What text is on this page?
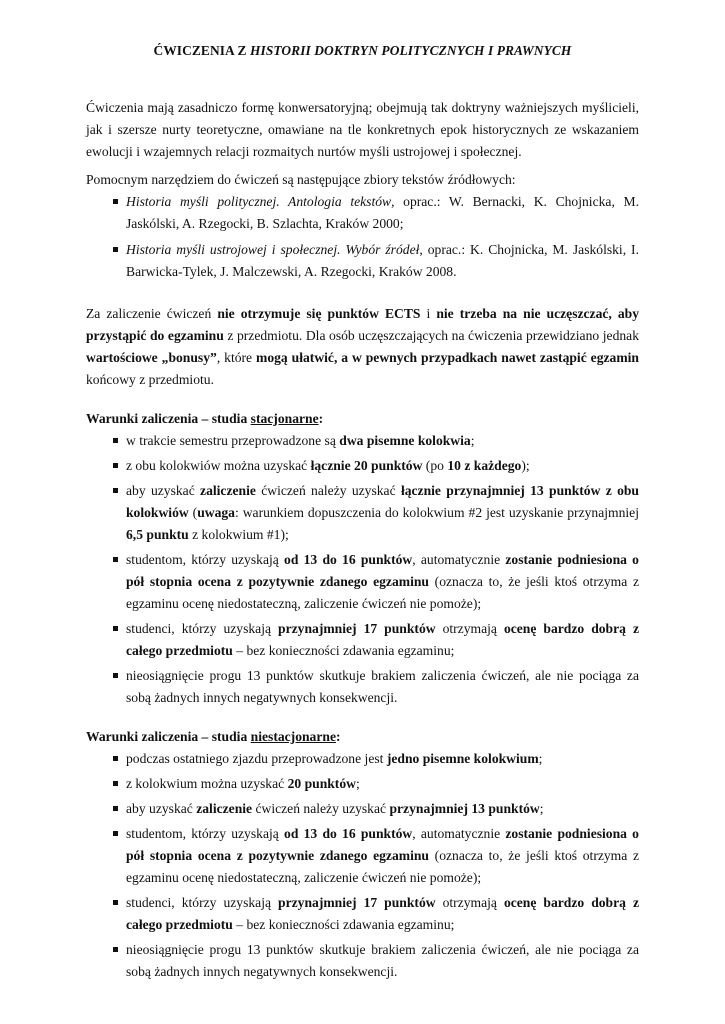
ĆWICZENIA Z HISTORII DOKTRYN POLITYCZNYCH I PRAWNYCH

Ćwiczenia mają zasadniczo formę konwersatoryjną; obejmują tak doktryny ważniejszych myślicieli, jak i szersze nurty teoretyczne, omawiane na tle konkretnych epok historycznych ze wskazaniem ewolucji i wzajemnych relacji rozmaitych nurtów myśli ustrojowej i społecznej.

Pomocnym narzędziem do ćwiczeń są następujące zbiory tekstów źródłowych:

Historia myśli politycznej. Antologia tekstów, oprac.: W. Bernacki, K. Chojnicka, M. Jaskólski, A. Rzegocki, B. Szlachta, Kraków 2000;
Historia myśli ustrojowej i społecznej. Wybór źródeł, oprac.: K. Chojnicka, M. Jaskólski, I. Barwicka-Tylek, J. Malczewski, A. Rzegocki, Kraków 2008.

Za zaliczenie ćwiczeń nie otrzymuje się punktów ECTS i nie trzeba na nie uczęszczać, aby przystąpić do egzaminu z przedmiotu. Dla osób uczęszczających na ćwiczenia przewidziano jednak wartościowe „bonusy”, które mogą ułatwić, a w pewnych przypadkach nawet zastąpić egzamin końcowy z przedmiotu.

Warunki zaliczenia – studia stacjonarne:
w trakcie semestru przeprowadzone są dwa pisemne kolokwia;
z obu kolokwiów można uzyskać łącznie 20 punktów (po 10 z każdego);
aby uzyskać zaliczenie ćwiczeń należy uzyskać łącznie przynajmniej 13 punktów z obu kolokwiów (uwaga: warunkiem dopuszczenia do kolokwium #2 jest uzyskanie przynajmniej 6,5 punktu z kolokwium #1);
studentom, którzy uzyskają od 13 do 16 punktów, automatycznie zostanie podniesiona o pół stopnia ocena z pozytywnie zdanego egzaminu (oznacza to, że jeśli ktoś otrzyma z egzaminu ocenę niedostateczną, zaliczenie ćwiczeń nie pomoże);
studenci, którzy uzyskają przynajmniej 17 punktów otrzymają ocenę bardzo dobrą z całego przedmiotu – bez konieczności zdawania egzaminu;
nieosiągnięcie progu 13 punktów skutkuje brakiem zaliczenia ćwiczeń, ale nie pociąga za sobą żadnych innych negatywnych konsekwencji.
Warunki zaliczenia – studia niestacjonarne:
podczas ostatniego zjazdu przeprowadzone jest jedno pisemne kolokwium;
z kolokwium można uzyskać 20 punktów;
aby uzyskać zaliczenie ćwiczeń należy uzyskać przynajmniej 13 punktów;
studentom, którzy uzyskają od 13 do 16 punktów, automatycznie zostanie podniesiona o pół stopnia ocena z pozytywnie zdanego egzaminu (oznacza to, że jeśli ktoś otrzyma z egzaminu ocenę niedostateczną, zaliczenie ćwiczeń nie pomoże);
studenci, którzy uzyskają przynajmniej 17 punktów otrzymają ocenę bardzo dobrą z całego przedmiotu – bez konieczności zdawania egzaminu;
nieosiągnięcie progu 13 punktów skutkuje brakiem zaliczenia ćwiczeń, ale nie pociąga za sobą żadnych innych negatywnych konsekwencji.
